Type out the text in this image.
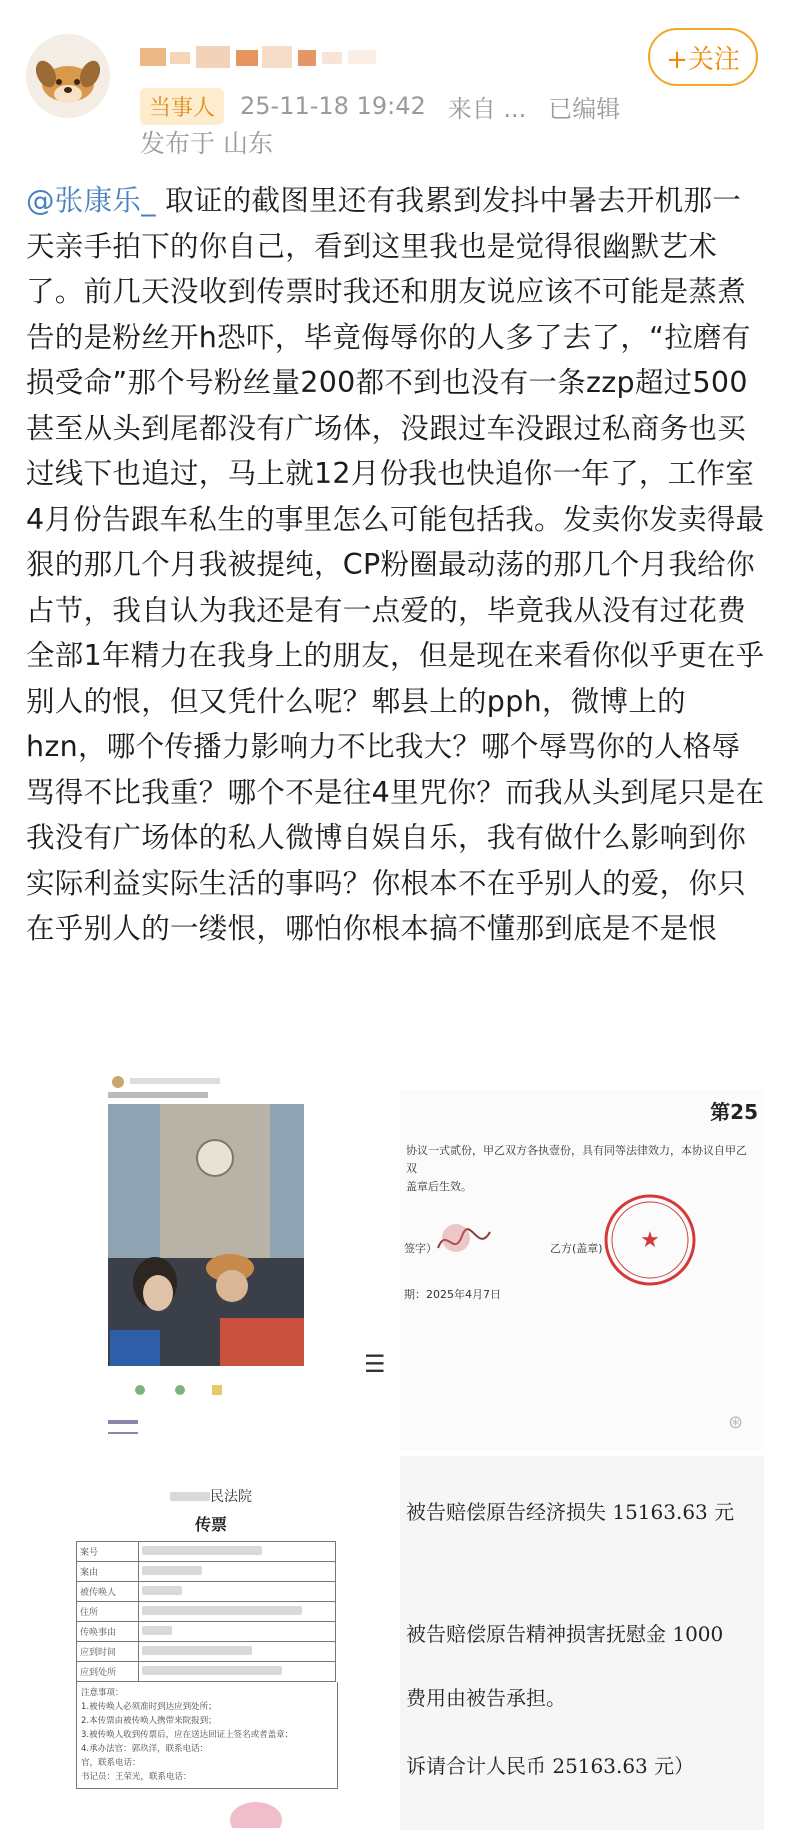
+关注
当事人	25-11-18 19:42 来自 ... 已编辑
发布于 山东
@张康乐_ 取证的截图里还有我累到发抖中暑去开机那一天亲手拍下的你自己，看到这里我也是觉得很幽默艺术了。前几天没收到传票时我还和朋友说应该不可能是蒸煮告的是粉丝开h恐吓，毕竟侮辱你的人多了去了，“拉磨有损受命”那个号粉丝量200都不到也没有一条zzp超过500甚至从头到尾都没有广场体，没跟过车没跟过私商务也买过线下也追过，马上就12月份我也快追你一年了，工作室4月份告跟车私生的事里怎么可能包括我。发卖你发卖得最狠的那几个月我被提纯，CP粉圈最动荡的那几个月我给你占节，我自认为我还是有一点爱的，毕竟我从没有过花费全部1年精力在我身上的朋友，但是现在来看你似乎更在乎别人的恨，但又凭什么呢？郫县上的pph，微博上的hzn，哪个传播力影响力不比我大？哪个辱骂你的人格辱骂得不比我重？哪个不是往4里咒你？而我从头到尾只是在我没有广场体的私人微博自娱自乐，我有做什么影响到你实际利益实际生活的事吗？你根本不在乎别人的爱，你只在乎别人的一缕恨，哪怕你根本搞不懂那到底是不是恨
☰
第25
协议一式贰份，甲乙双方各执壹份，具有同等法律效力，本协议自甲乙双
盖章后生效。
签字）	乙方(盖章) ★
期：2025年4月7日
⊛
民法院
传票
案号	
案由	
被传唤人	
住所	
传唤事由	
应到时间	
应到处所	
注意事项：
1.被传唤人必须准时到达应到处所；
2.本传票由被传唤人携带来院报到；
3.被传唤人收到传票后，应在送达回证上签名或者盖章；
4.承办法官：郭玖洋，联系电话：
官，联系电话：
书记员：王荣光，联系电话：
被告赔偿原告经济损失 15163.63 元
被告赔偿原告精神损害抚慰金 1000
费用由被告承担。
诉请合计人民币 25163.63 元）
